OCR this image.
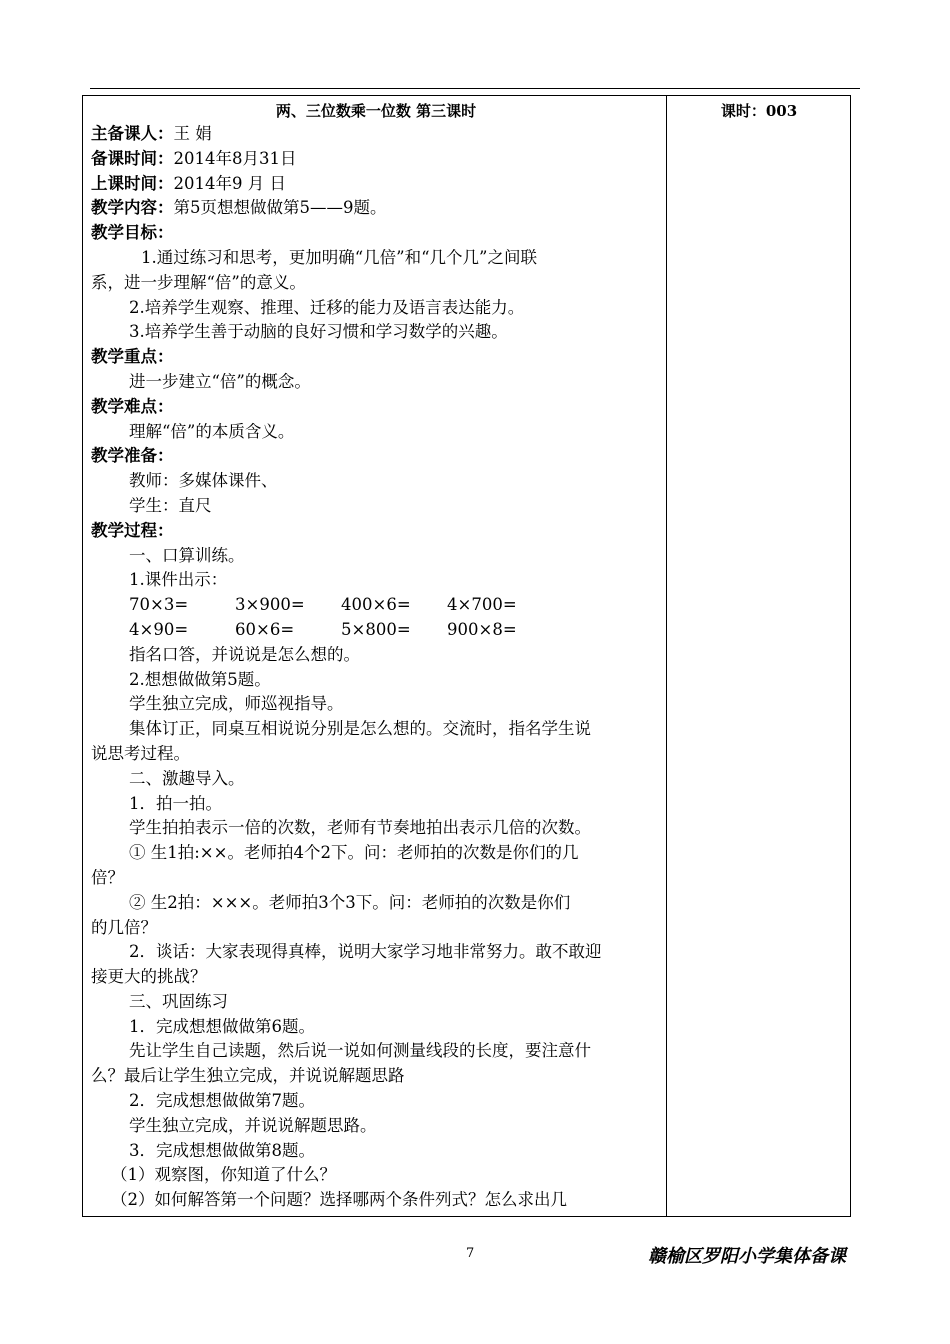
课时：003
两、三位数乘一位数 第三课时
主备课人：王 娟
备课时间：2014年8月31日
上课时间：2014年9 月 日
教学内容：第5页想想做做第5——9题。
教学目标：
1.通过练习和思考，更加明确“几倍”和“几个几”之间联
系，进一步理解“倍”的意义。
2.培养学生观察、推理、迁移的能力及语言表达能力。
3.培养学生善于动脑的良好习惯和学习数学的兴趣。
教学重点：
进一步建立“倍”的概念。
教学难点：
理解“倍”的本质含义。
教学准备：
教师：多媒体课件、
学生：直尺
教学过程：
一、口算训练。
1.课件出示：
70×3=	3×900= 400×6= 4×700=
4×90=	60×6=	5×800= 900×8=
指名口答，并说说是怎么想的。
2.想想做做第5题。
学生独立完成，师巡视指导。
集体订正，同桌互相说说分别是怎么想的。交流时，指名学生说
说思考过程。
二、激趣导入。
1．拍一拍。
学生拍拍表示一倍的次数，老师有节奏地拍出表示几倍的次数。
① 生1拍:××。老师拍4个2下。问：老师拍的次数是你们的几
倍？
② 生2拍：×××。老师拍3个3下。问：老师拍的次数是你们
的几倍？
2．谈话：大家表现得真棒，说明大家学习地非常努力。敢不敢迎
接更大的挑战？
三、巩固练习
1．完成想想做做第6题。
先让学生自己读题，然后说一说如何测量线段的长度，要注意什
么？最后让学生独立完成，并说说解题思路
2．完成想想做做第7题。
学生独立完成，并说说解题思路。
3．完成想想做做第8题。
（1）观察图，你知道了什么？
（2）如何解答第一个问题？选择哪两个条件列式？怎么求出几
7	赣榆区罗阳小学集体备课
